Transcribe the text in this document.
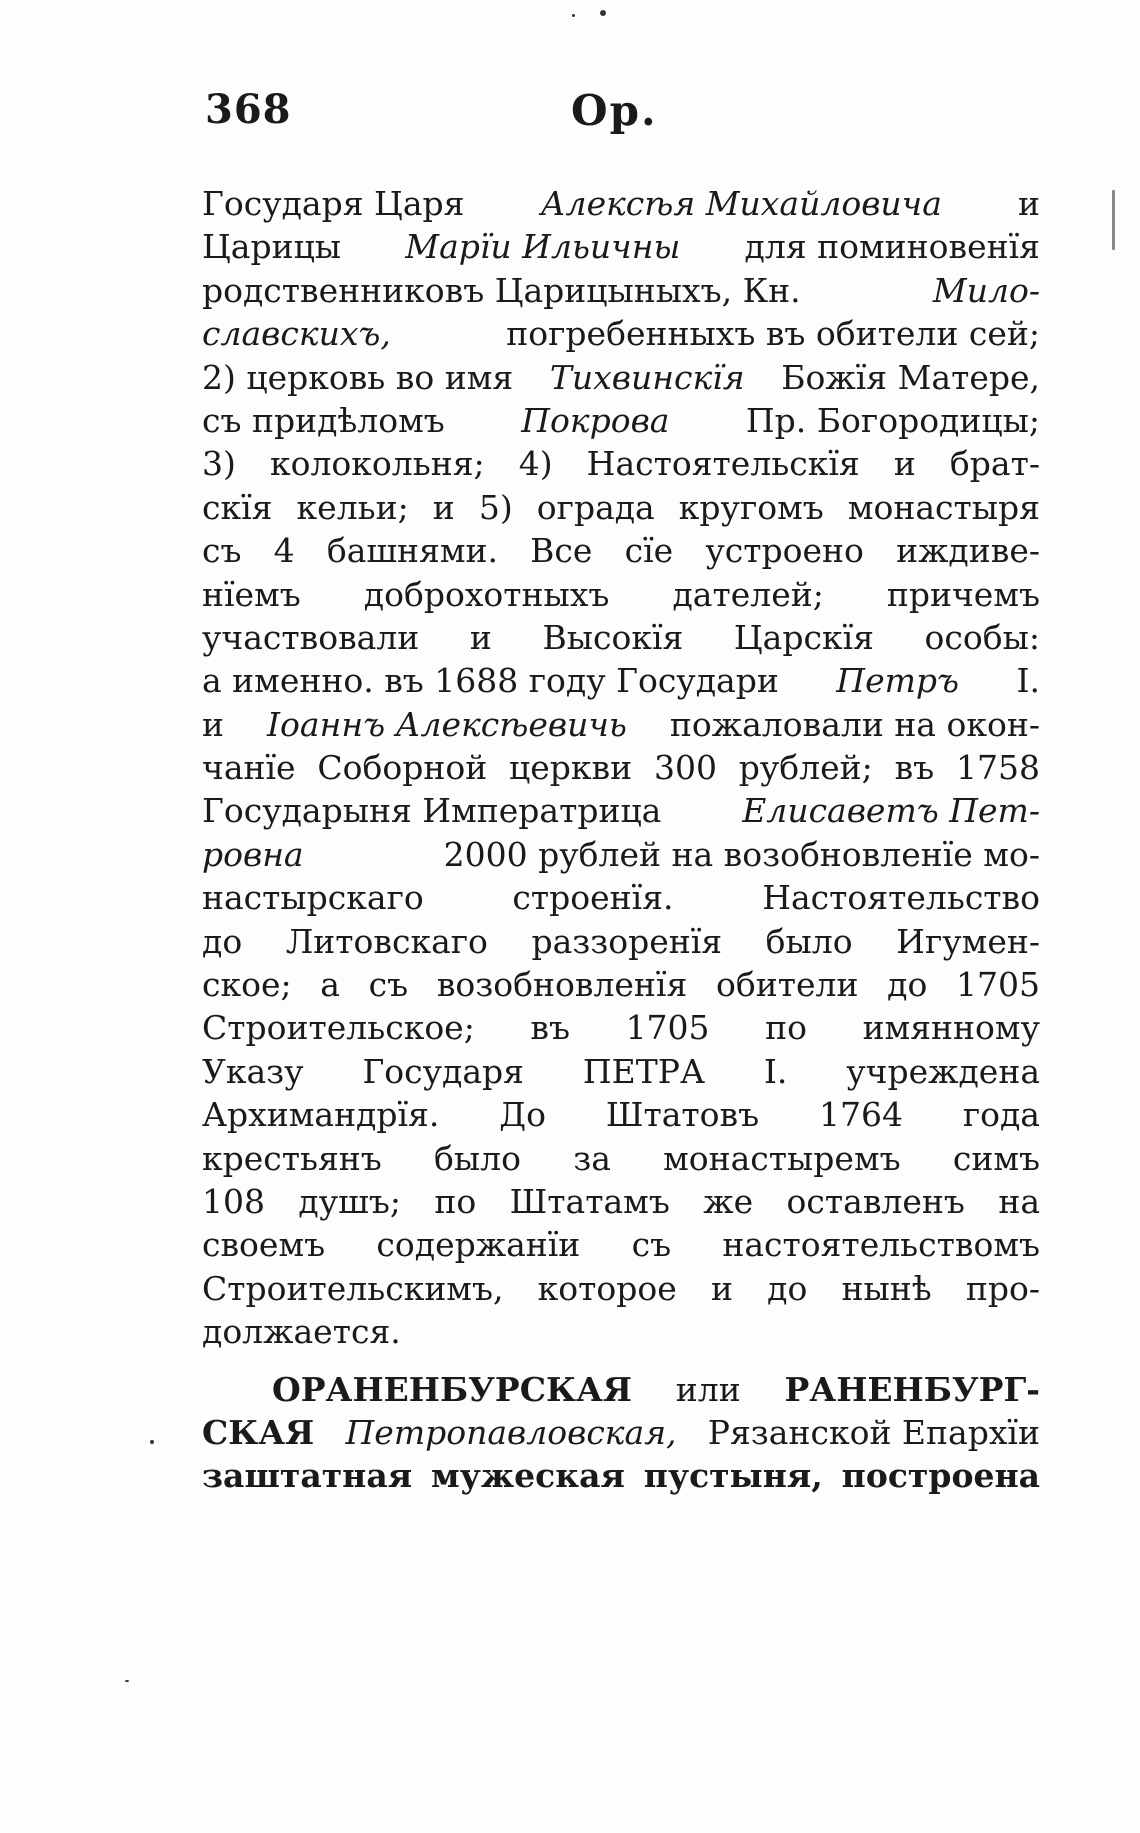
368	Ор.
Государя Царя Алексѣя Михайловича и
Царицы Марїи Ильичны для поминовенїя
родственниковъ Царицыныхъ, Кн.	Мило-
славскихъ,	погребенныхъ въ обители сей;
2) церковь во имя Тихвинскїя Божїя Матере,
съ придѣломъ Покрова Пр. Богородицы;
3) колокольня; 4) Настоятельскїя и брат-
скїя кельи; и 5) ограда кругомъ монастыря
съ 4 башнями. Все сїе устроено иждиве-
нїемъ доброхотныхъ дателей; причемъ
участвовали и Высокїя Царскїя особы:
а именно. въ 1688 году Государи Петръ I.
и Іоаннъ Алексѣевичь пожаловали на окон-
чанїе Соборной церкви 300 рублей; въ 1758
Государыня Императрица Елисаветъ Пет-
ровна	2000 рублей на возобновленїе мо-
настырскаго строенїя. Настоятельство
до Литовскаго раззоренїя было Игумен-
ское; а съ возобновленїя обители до 1705
Строительское; въ 1705 по имянному
Указу Государя ПЕТРА I. учреждена
Архимандрїя. До Штатовъ 1764 года
крестьянъ было за монастыремъ симъ
108 душъ; по Штатамъ же оставленъ на
своемъ содержанїи съ настоятельствомъ
Строительскимъ, которое и до нынѣ про-
должается.
ОРАНЕНБУРСКАЯ или РАНЕНБУРГ-
СКАЯ Петропавловская, Рязанской Епархїи
заштатная мужеская пустыня, построена
